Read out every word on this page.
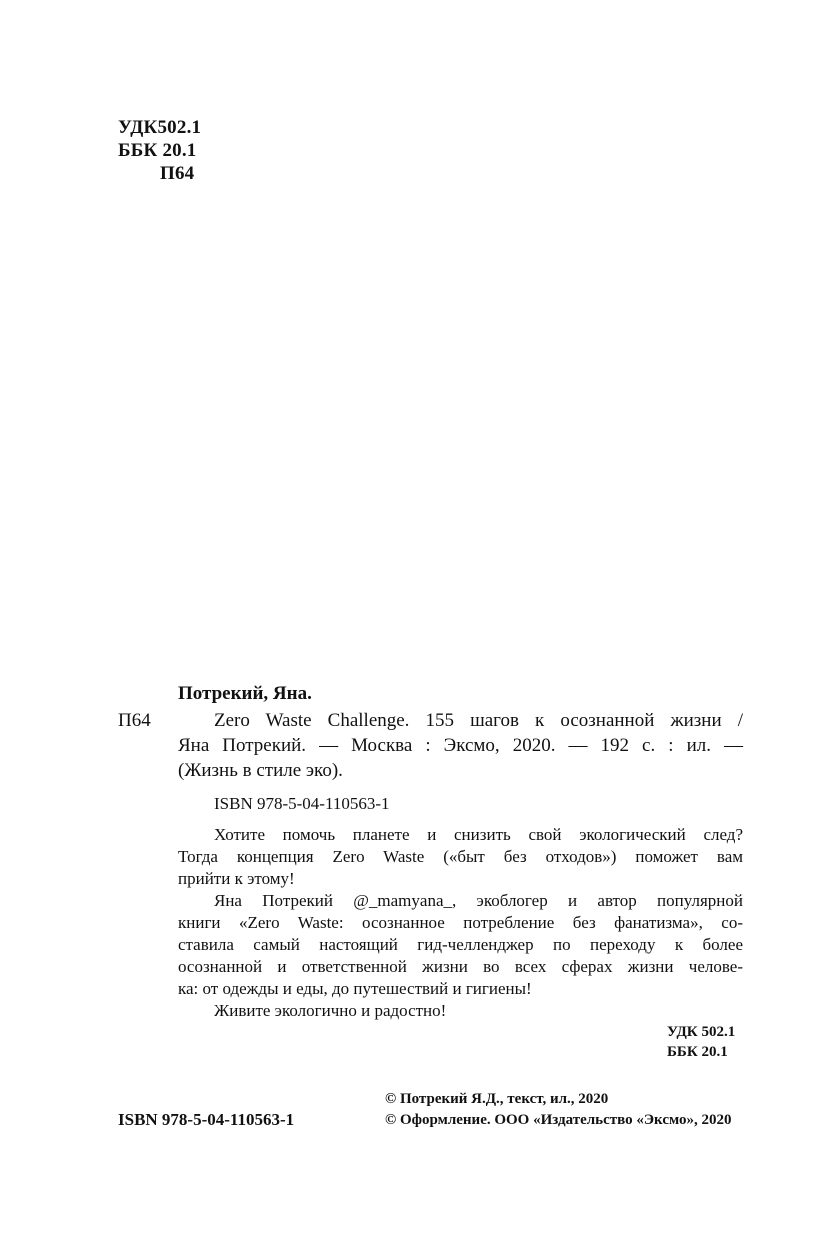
УДК502.1
ББК 20.1
П64
Потрекий, Яна.
П64	Zero Waste Challenge. 155 шагов к осознанной жизни /
Яна Потрекий. — Москва : Эксмо, 2020. — 192 с. : ил. —
(Жизнь в стиле эко).
ISBN 978-5-04-110563-1
Хотите помочь планете и снизить свой экологический след?
Тогда концепция Zero Waste («быт без отходов») поможет вам
прийти к этому!
Яна Потрекий @_mamyana_, экоблогер и автор популярной
книги «Zero Waste: осознанное потребление без фанатизма», со-
ставила самый настоящий гид-челленджер по переходу к более
осознанной и ответственной жизни во всех сферах жизни челове-
ка: от одежды и еды, до путешествий и гигиены!
Живите экологично и радостно!
УДК 502.1
ББК 20.1
© Потрекий Я.Д., текст, ил., 2020
ISBN 978-5-04-110563-1	© Оформление. ООО «Издательство «Эксмо», 2020
